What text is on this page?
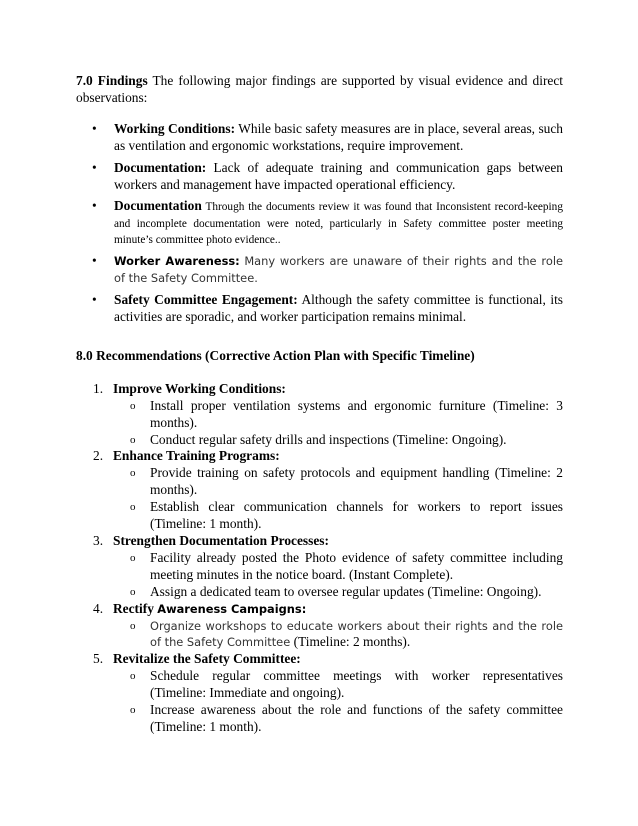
7.0 Findings The following major findings are supported by visual evidence and direct observations:

• Working Conditions: While basic safety measures are in place, several areas, such as ventilation and ergonomic workstations, require improvement.
• Documentation: Lack of adequate training and communication gaps between workers and management have impacted operational efficiency.
• Documentation Through the documents review it was found that Inconsistent record-keeping and incomplete documentation were noted, particularly in Safety committee poster meeting minute’s committee photo evidence..
• Worker Awareness: Many workers are unaware of their rights and the role of the Safety Committee.
• Safety Committee Engagement: Although the safety committee is functional, its activities are sporadic, and worker participation remains minimal.
8.0 Recommendations (Corrective Action Plan with Specific Timeline)
1. Improve Working Conditions:
o Install proper ventilation systems and ergonomic furniture (Timeline: 3 months).
o Conduct regular safety drills and inspections (Timeline: Ongoing).
2. Enhance Training Programs:
o Provide training on safety protocols and equipment handling (Timeline: 2 months).
o Establish clear communication channels for workers to report issues (Timeline: 1 month).
3. Strengthen Documentation Processes:
o Facility already posted the Photo evidence of safety committee including meeting minutes in the notice board. (Instant Complete).
o Assign a dedicated team to oversee regular updates (Timeline: Ongoing).
4. Rectify Awareness Campaigns:
o Organize workshops to educate workers about their rights and the role of the Safety Committee (Timeline: 2 months).
5. Revitalize the Safety Committee:
o Schedule regular committee meetings with worker representatives (Timeline: Immediate and ongoing).
o Increase awareness about the role and functions of the safety committee (Timeline: 1 month).
